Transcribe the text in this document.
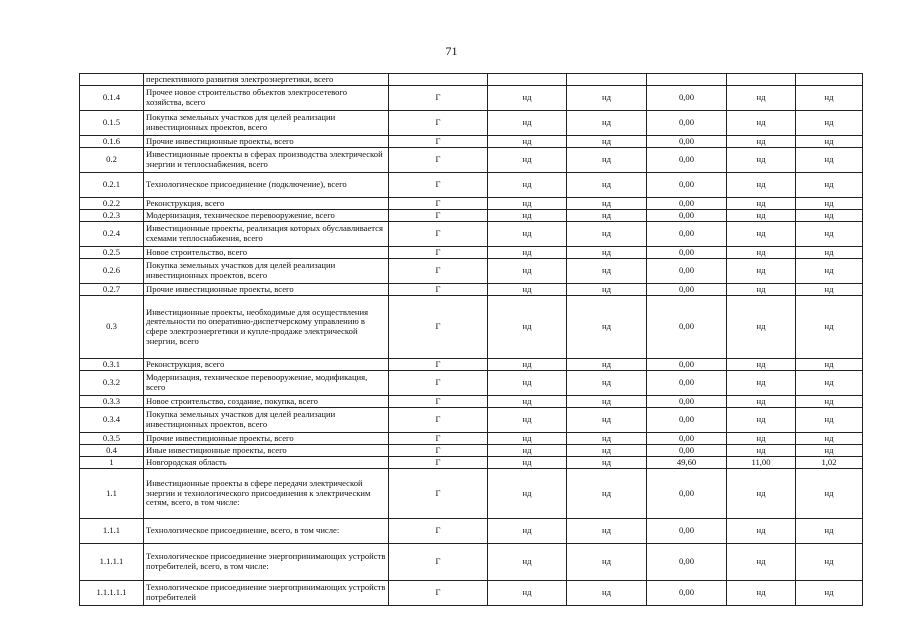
71
	перспективного развития электроэнергетики, всего						
0.1.4	Прочее новое строительство объектов электросетевого хозяйства, всего	Г	нд	нд	0,00	нд	нд
0.1.5	Покупка земельных участков для целей реализации инвестиционных проектов, всего	Г	нд	нд	0,00	нд	нд
0.1.6	Прочие инвестиционные проекты, всего	Г	нд	нд	0,00	нд	нд
0.2	Инвестиционные проекты в сферах производства электрической энергии и теплоснабжения, всего	Г	нд	нд	0,00	нд	нд
0.2.1	Технологическое присоединение (подключение), всего	Г	нд	нд	0,00	нд	нд
0.2.2	Реконструкция, всего	Г	нд	нд	0,00	нд	нд
0.2.3	Модернизация, техническое перевооружение, всего	Г	нд	нд	0,00	нд	нд
0.2.4	Инвестиционные проекты, реализация которых обуславливается схемами теплоснабжения, всего	Г	нд	нд	0,00	нд	нд
0.2.5	Новое строительство, всего	Г	нд	нд	0,00	нд	нд
0.2.6	Покупка земельных участков для целей реализации инвестиционных проектов, всего	Г	нд	нд	0,00	нд	нд
0.2.7	Прочие инвестиционные проекты, всего	Г	нд	нд	0,00	нд	нд
0.3	Инвестиционные проекты, необходимые для осуществления деятельности по оперативно-диспетчерскому управлению в сфере электроэнергетики и купле-продаже электрической энергии, всего	Г	нд	нд	0,00	нд	нд
0.3.1	Реконструкция, всего	Г	нд	нд	0,00	нд	нд
0.3.2	Модернизация, техническое перевооружение, модификация, всего	Г	нд	нд	0,00	нд	нд
0.3.3	Новое строительство, создание, покупка, всего	Г	нд	нд	0,00	нд	нд
0.3.4	Покупка земельных участков для целей реализации инвестиционных проектов, всего	Г	нд	нд	0,00	нд	нд
0.3.5	Прочие инвестиционные проекты, всего	Г	нд	нд	0,00	нд	нд
0.4	Иные инвестиционные проекты, всего	Г	нд	нд	0,00	нд	нд
1	Новгородская область	Г	нд	нд	49,60	11,00	1,02
1.1	Инвестиционные проекты в сфере передачи электрической энергии и технологического присоединения к электрическим сетям, всего, в том числе:	Г	нд	нд	0,00	нд	нд
1.1.1	Технологическое присоединение, всего, в том числе:	Г	нд	нд	0,00	нд	нд
1.1.1.1	Технологическое присоединение энергопринимающих устройств потребителей, всего, в том числе:	Г	нд	нд	0,00	нд	нд
1.1.1.1.1	Технологическое присоединение энергопринимающих устройств потребителей	Г	нд	нд	0,00	нд	нд
